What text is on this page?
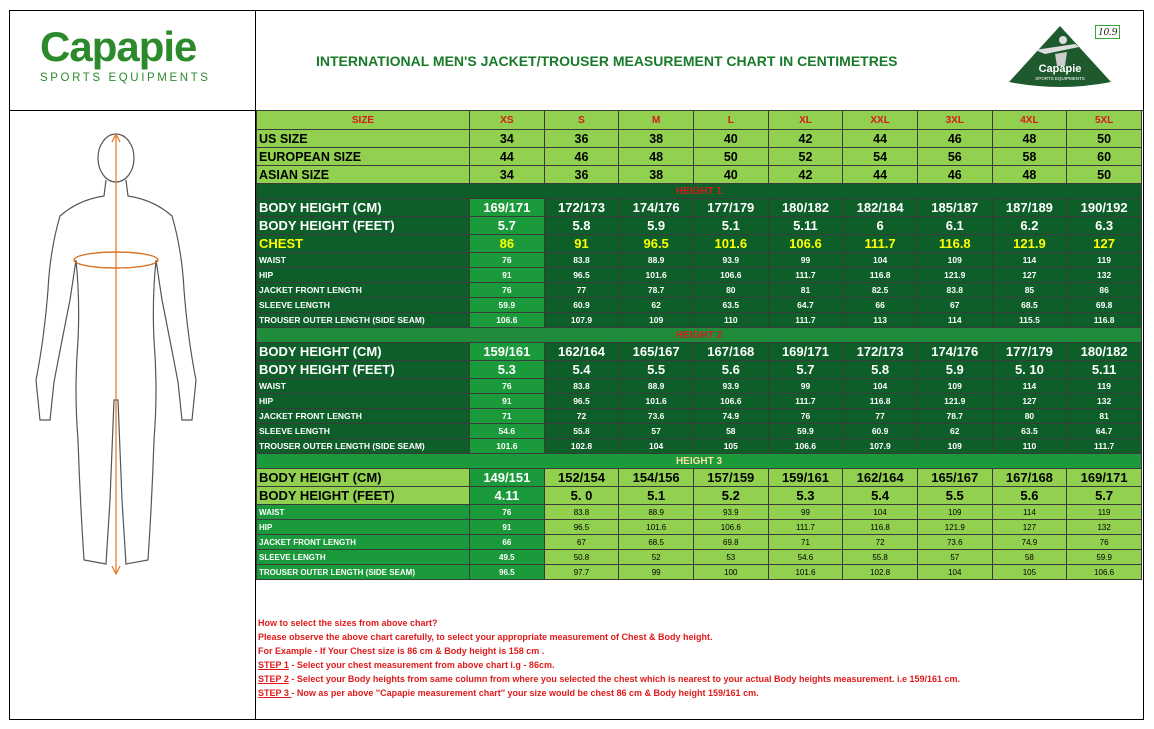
Capapie
SPORTS EQUIPMENTS
INTERNATIONAL MEN'S JACKET/TROUSER MEASUREMENT CHART IN CENTIMETRES	Capapie
SPORTS EQUIPMENTS
10.9
SIZE	XS	S	M	L	XL	XXL	3XL	4XL	5XL
US SIZE	34	36	38	40	42	44	46	48	50
EUROPEAN SIZE	44	46	48	50	52	54	56	58	60
ASIAN SIZE	34	36	38	40	42	44	46	48	50
HEIGHT 1									
BODY HEIGHT (CM)	169/171	172/173	174/176	177/179	180/182	182/184	185/187	187/189	190/192
BODY HEIGHT (FEET)	5.7	5.8	5.9	5.1	5.11	6	6.1	6.2	6.3
CHEST	86	91	96.5	101.6	106.6	111.7	116.8	121.9	127
WAIST	76	83.8	88.9	93.9	99	104	109	114	119
HIP	91	96.5	101.6	106.6	111.7	116.8	121.9	127	132
JACKET FRONT LENGTH	76	77	78.7	80	81	82.5	83.8	85	86
SLEEVE LENGTH	59.9	60.9	62	63.5	64.7	66	67	68.5	69.8
TROUSER OUTER LENGTH (SIDE SEAM)	106.6	107.9	109	110	111.7	113	114	115.5	116.8
HEIGHT 2									
BODY HEIGHT (CM)	159/161	162/164	165/167	167/168	169/171	172/173	174/176	177/179	180/182
BODY HEIGHT (FEET)	5.3	5.4	5.5	5.6	5.7	5.8	5.9	5. 10	5.11
WAIST	76	83.8	88.9	93.9	99	104	109	114	119
HIP	91	96.5	101.6	106.6	111.7	116.8	121.9	127	132
JACKET FRONT LENGTH	71	72	73.6	74.9	76	77	78.7	80	81
SLEEVE LENGTH	54.6	55.8	57	58	59.9	60.9	62	63.5	64.7
TROUSER OUTER LENGTH (SIDE SEAM)	101.6	102.8	104	105	106.6	107.9	109	110	111.7
HEIGHT 3									
BODY HEIGHT (CM)	149/151	152/154	154/156	157/159	159/161	162/164	165/167	167/168	169/171
BODY HEIGHT (FEET)	4.11	5. 0	5.1	5.2	5.3	5.4	5.5	5.6	5.7
WAIST	76	83.8	88.9	93.9	99	104	109	114	119
HIP	91	96.5	101.6	106.6	111.7	116.8	121.9	127	132
JACKET FRONT LENGTH	66	67	68.5	69.8	71	72	73.6	74.9	76
SLEEVE LENGTH	49.5	50.8	52	53	54.6	55.8	57	58	59.9
TROUSER OUTER LENGTH (SIDE SEAM)	96.5	97.7	99	100	101.6	102.8	104	105	106.6
How to select the sizes from above chart?
Please observe the above chart carefully, to select your appropriate measurement of Chest & Body height.
For Example - If Your Chest size is 86 cm & Body height is 158 cm .
STEP 1 - Select your chest measurement from above chart i.g - 86cm.
STEP 2 - Select your Body heights from same column from where you selected the chest which is nearest to your actual Body heights measurement. i.e 159/161 cm.
STEP 3 - Now as per above ''Capapie measurement chart'' your size would be chest 86 cm & Body height 159/161 cm.
